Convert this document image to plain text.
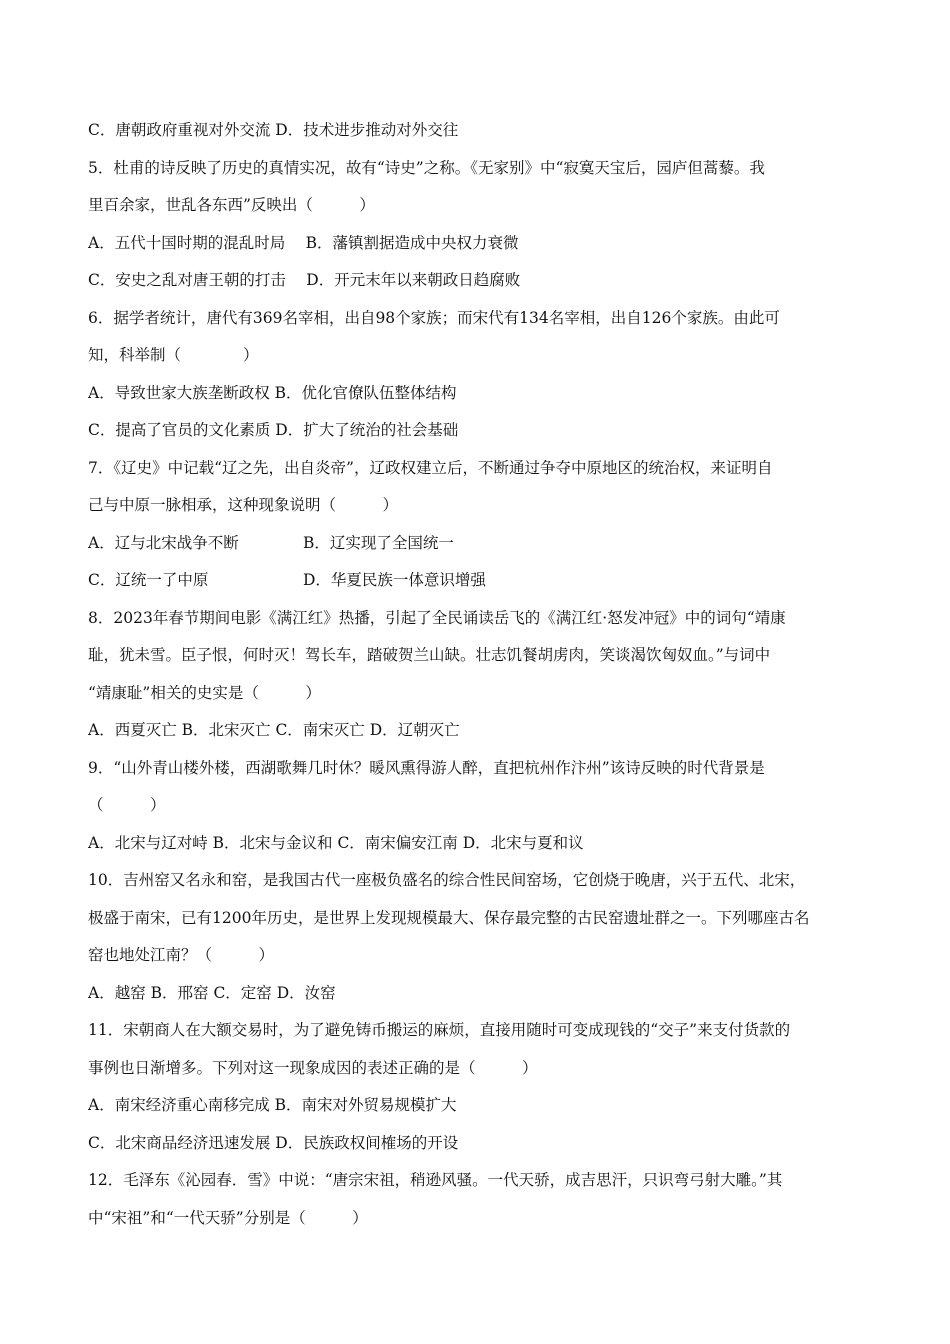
C．唐朝政府重视对外交流 D．技术进步推动对外交往
5．杜甫的诗反映了历史的真情实况，故有“诗史”之称。《无家别》中“寂寞天宝后，园庐但蒿藜。我
里百余家，世乱各东西”反映出（　　　）
A．五代十国时期的混乱时局　 B．藩镇割据造成中央权力衰微
C．安史之乱对唐王朝的打击　 D．开元末年以来朝政日趋腐败
6．据学者统计，唐代有369名宰相，出自98个家族；而宋代有134名宰相，出自126个家族。由此可
知，科举制（　　　　）
A．导致世家大族垄断政权 B．优化官僚队伍整体结构
C．提高了官员的文化素质 D．扩大了统治的社会基础
7．《辽史》中记载“辽之先，出自炎帝”，辽政权建立后，不断通过争夺中原地区的统治权，来证明自
己与中原一脉相承，这种现象说明（　　　）
A．辽与北宋战争不断	B．辽实现了全国统一
C．辽统一了中原	D．华夏民族一体意识增强
8．2023年春节期间电影《满江红》热播，引起了全民诵读岳飞的《满江红·怒发冲冠》中的词句“靖康
耻，犹未雪。臣子恨，何时灭！驾长车，踏破贺兰山缺。壮志饥餐胡虏肉，笑谈渴饮匈奴血。”与词中
“靖康耻”相关的史实是（　　　）
A．西夏灭亡 B．北宋灭亡 C．南宋灭亡 D．辽朝灭亡
9．“山外青山楼外楼，西湖歌舞几时休？暖风熏得游人醉，直把杭州作汴州”该诗反映的时代背景是
（　　　）
A．北宋与辽对峙 B．北宋与金议和 C．南宋偏安江南 D．北宋与夏和议
10．吉州窑又名永和窑，是我国古代一座极负盛名的综合性民间窑场，它创烧于晚唐，兴于五代、北宋，
极盛于南宋，已有1200年历史，是世界上发现规模最大、保存最完整的古民窑遗址群之一。下列哪座古名
窑也地处江南？（　　　）
A．越窑 B．邢窑 C．定窑 D．汝窑
11．宋朝商人在大额交易时，为了避免铸币搬运的麻烦，直接用随时可变成现钱的“交子”来支付货款的
事例也日渐增多。下列对这一现象成因的表述正确的是（　　　）
A．南宋经济重心南移完成 B．南宋对外贸易规模扩大
C．北宋商品经济迅速发展 D．民族政权间榷场的开设
12．毛泽东《沁园春．雪》中说：“唐宗宋祖，稍逊风骚。一代天骄，成吉思汗，只识弯弓射大雕。”其
中“宋祖”和“一代天骄”分别是（　　　）
